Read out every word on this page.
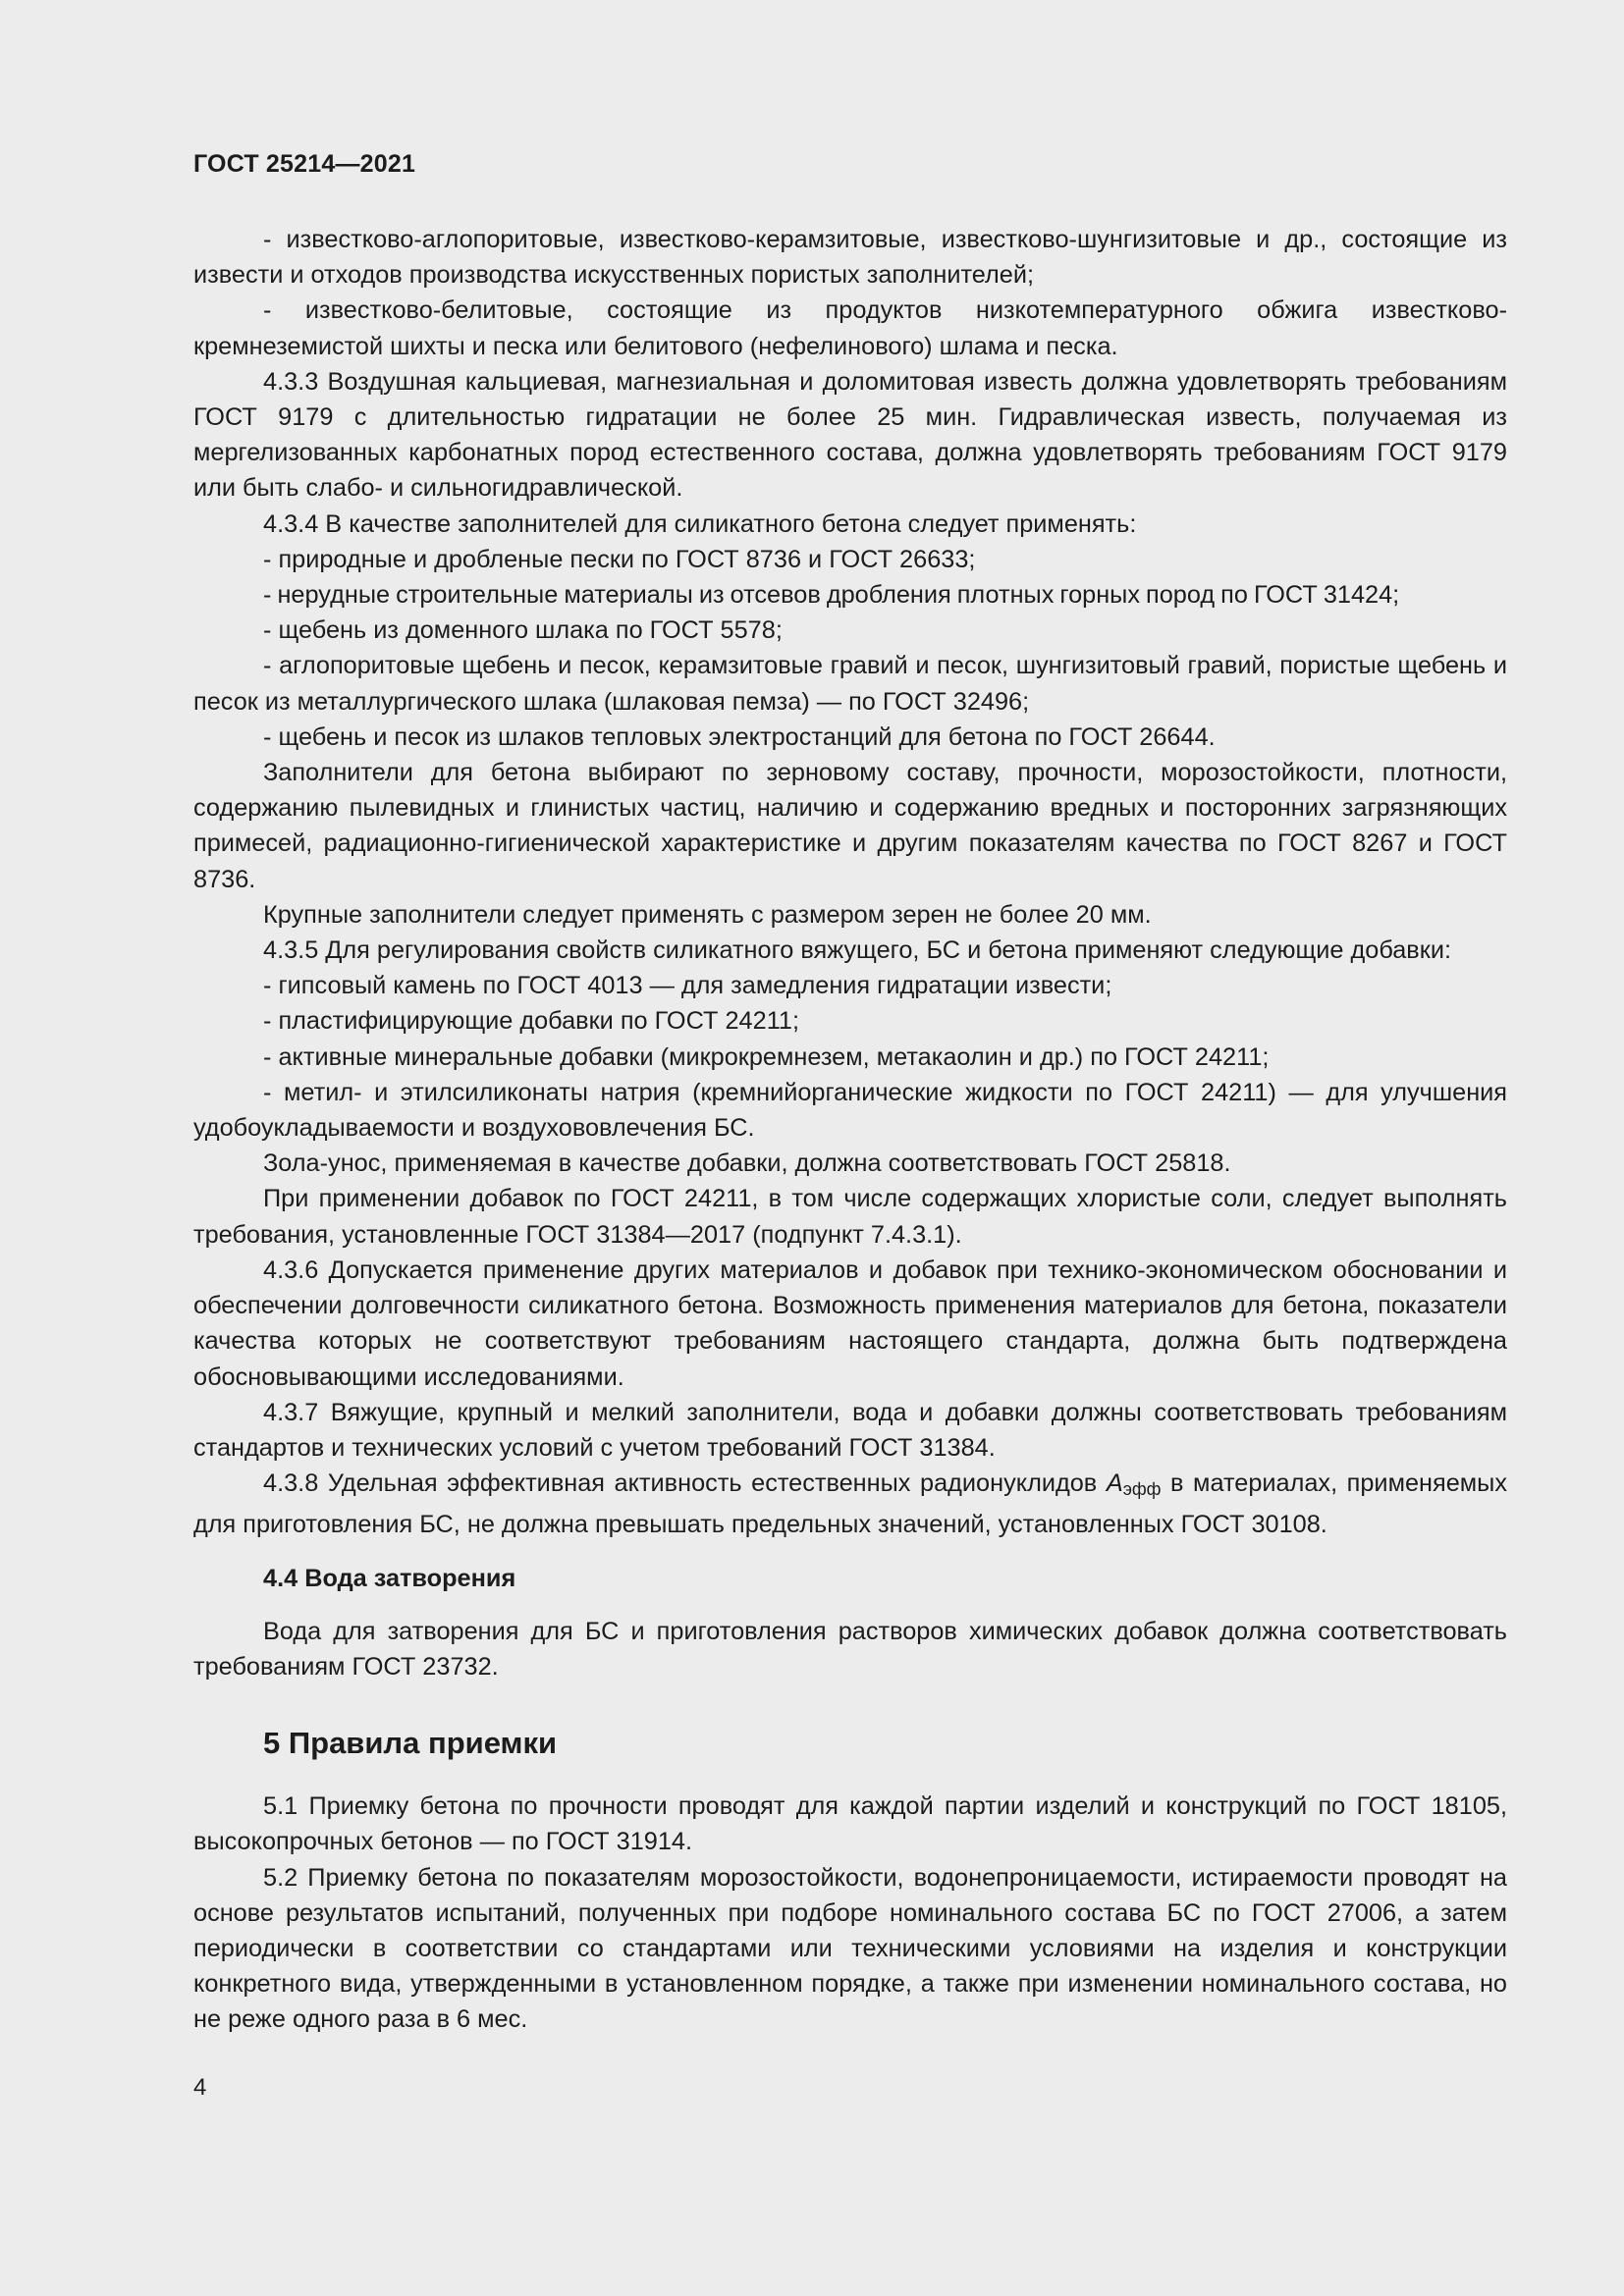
ГОСТ 25214—2021

- известково-аглопоритовые, известково-керамзитовые, известково-шунгизитовые и др., состоящие из извести и отходов производства искусственных пористых заполнителей;

- известково-белитовые, состоящие из продуктов низкотемпературного обжига известково-кремнеземистой шихты и песка или белитового (нефелинового) шлама и песка.

4.3.3 Воздушная кальциевая, магнезиальная и доломитовая известь должна удовлетворять требованиям ГОСТ 9179 с длительностью гидратации не более 25 мин. Гидравлическая известь, получаемая из мергелизованных карбонатных пород естественного состава, должна удовлетворять требованиям ГОСТ 9179 или быть слабо- и сильногидравлической.

4.3.4 В качестве заполнителей для силикатного бетона следует применять:

- природные и дробленые пески по ГОСТ 8736 и ГОСТ 26633;

- нерудные строительные материалы из отсевов дробления плотных горных пород по ГОСТ 31424;

- щебень из доменного шлака по ГОСТ 5578;

- аглопоритовые щебень и песок, керамзитовые гравий и песок, шунгизитовый гравий, пористые щебень и песок из металлургического шлака (шлаковая пемза) — по ГОСТ 32496;

- щебень и песок из шлаков тепловых электростанций для бетона по ГОСТ 26644.

Заполнители для бетона выбирают по зерновому составу, прочности, морозостойкости, плотности, содержанию пылевидных и глинистых частиц, наличию и содержанию вредных и посторонних загрязняющих примесей, радиационно-гигиенической характеристике и другим показателям качества по ГОСТ 8267 и ГОСТ 8736.

Крупные заполнители следует применять с размером зерен не более 20 мм.

4.3.5 Для регулирования свойств силикатного вяжущего, БС и бетона применяют следующие добавки:

- гипсовый камень по ГОСТ 4013 — для замедления гидратации извести;

- пластифицирующие добавки по ГОСТ 24211;

- активные минеральные добавки (микрокремнезем, метакаолин и др.) по ГОСТ 24211;

- метил- и этилсиликонаты натрия (кремнийорганические жидкости по ГОСТ 24211) — для улучшения удобоукладываемости и воздухововлечения БС.

Зола-унос, применяемая в качестве добавки, должна соответствовать ГОСТ 25818.

При применении добавок по ГОСТ 24211, в том числе содержащих хлористые соли, следует выполнять требования, установленные ГОСТ 31384—2017 (подпункт 7.4.3.1).

4.3.6 Допускается применение других материалов и добавок при технико-экономическом обосновании и обеспечении долговечности силикатного бетона. Возможность применения материалов для бетона, показатели качества которых не соответствуют требованиям настоящего стандарта, должна быть подтверждена обосновывающими исследованиями.

4.3.7 Вяжущие, крупный и мелкий заполнители, вода и добавки должны соответствовать требованиям стандартов и технических условий с учетом требований ГОСТ 31384.

4.3.8 Удельная эффективная активность естественных радионуклидов $A_{эфф}$ в материалах, применяемых для приготовления БС, не должна превышать предельных значений, установленных ГОСТ 30108.

4.4 Вода затворения

Вода для затворения для БС и приготовления растворов химических добавок должна соответствовать требованиям ГОСТ 23732.

5 Правила приемки

5.1 Приемку бетона по прочности проводят для каждой партии изделий и конструкций по ГОСТ 18105, высокопрочных бетонов — по ГОСТ 31914.

5.2 Приемку бетона по показателям морозостойкости, водонепроницаемости, истираемости проводят на основе результатов испытаний, полученных при подборе номинального состава БС по ГОСТ 27006, а затем периодически в соответствии со стандартами или техническими условиями на изделия и конструкции конкретного вида, утвержденными в установленном порядке, а также при изменении номинального состава, но не реже одного раза в 6 мес.

4
